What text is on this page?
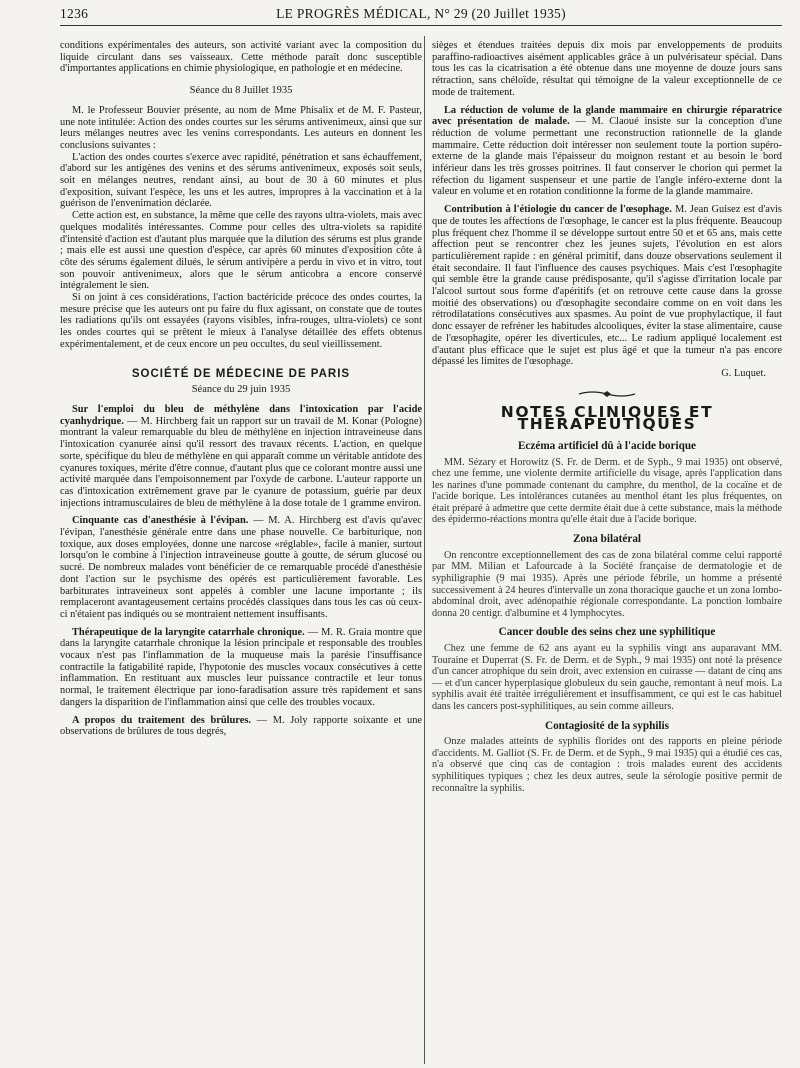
1236	LE PROGRÈS MÉDICAL, N° 29 (20 Juillet 1935)

conditions expérimentales des auteurs, son activité variant avec la composition du liquide circulant dans ses vaisseaux. Cette méthode paraît donc susceptible d'importantes applications en chimie physiologique, en pathologie et en médecine.

Séance du 8 Juillet 1935

M. le Professeur Bouvier présente, au nom de Mme Phisalix et de M. F. Pasteur, une note intitulée: Action des ondes courtes sur les sérums antivenimeux, ainsi que sur leurs mélanges neutres avec les venins correspondants. Les auteurs en donnent les conclusions suivantes :

L'action des ondes courtes s'exerce avec rapidité, pénétration et sans échauffement, d'abord sur les antigènes des venins et des sérums antivenimeux, exposés soit seuls, soit en mélanges neutres, rendant ainsi, au bout de 30 à 60 minutes et plus d'exposition, suivant l'espèce, les uns et les autres, impropres à la vaccination et à la guérison de l'envenimation déclarée.

Cette action est, en substance, la même que celle des rayons ultra-violets, mais avec quelques modalités intéressantes. Comme pour celles des ultra-violets sa rapidité d'intensité d'action est d'autant plus marquée que la dilution des sérums est plus grande ; mais elle est aussi une question d'espèce, car après 60 minutes d'exposition côte à côte des sérums également dilués, le sérum antivipère a perdu in vivo et in vitro, tout son pouvoir antivenimeux, alors que le sérum anticobra a encore conservé intégralement le sien.

Si on joint à ces considérations, l'action bactéricide précoce des ondes courtes, la mesure précise que les auteurs ont pu faire du flux agissant, on constate que de toutes les radiations qu'ils ont essayées (rayons visibles, infra-rouges, ultra-violets) ce sont les ondes courtes qui se prêtent le mieux à l'analyse détaillée des effets obtenus expérimentalement, et de ceux encore un peu occultes, du seul vieillissement.

SOCIÉTÉ DE MÉDECINE DE PARIS
Séance du 29 juin 1935

Sur l'emploi du bleu de méthylène dans l'intoxication par l'acide cyanhydrique. — M. Hirchberg fait un rapport sur un travail de M. Konar (Pologne) montrant la valeur remarquable du bleu de méthylène en injection intraveineuse dans l'intoxication cyanurée ainsi qu'il ressort des travaux récents. L'action, en quelque sorte, spécifique du bleu de méthylène en qui apparaît comme un véritable antidote des cyanures toxiques, mérite d'être connue, d'autant plus que ce colorant montre aussi une activité marquée dans l'empoisonnement par l'oxyde de carbone. L'auteur rapporte un cas d'intoxication extrêmement grave par le cyanure de potassium, guérie par deux injections intramusculaires de bleu de méthylène à la dose totale de 1 gramme environ.

Cinquante cas d'anesthésie à l'évipan. — M. A. Hirchberg est d'avis qu'avec l'évipan, l'anesthésie générale entre dans une phase nouvelle. Ce barbiturique, non toxique, aux doses employées, donne une narcose «réglable», facile à manier, surtout lorsqu'on le combine à l'injection intraveineuse goutte à goutte, de sérum glucosé ou sucré. De nombreux malades vont bénéficier de ce remarquable procédé d'anesthésie dont l'action sur le psychisme des opérés est particulièrement favorable. Les barbiturates intraveineux sont appelés à combler une lacune importante ; ils remplaceront avantageusement certains procédés classiques dans tous les cas où ceux-ci n'étaient pas indiqués ou se montraient nettement insuffisants.

Thérapeutique de la laryngite catarrhale chronique. — M. R. Graia montre que dans la laryngite catarrhale chronique la lésion principale et responsable des troubles vocaux n'est pas l'inflammation de la muqueuse mais la parésie l'insuffisance contractile la fatigabilité rapide, l'hypotonie des muscles vocaux consécutives à cette inflammation. En restituant aux muscles leur puissance contractile et leur tonus normal, le traitement électrique par iono-faradisation assure très rapidement et sans dangers la disparition de l'inflammation ainsi que celle des troubles vocaux.

A propos du traitement des brûlures. — M. Joly rapporte soixante et une observations de brûlures de tous degrés,

sièges et étendues traitées depuis dix mois par enveloppements de produits paraffino-radioactives aisément applicables grâce à un pulvérisateur spécial. Dans tous les cas la cicatrisation a été obtenue dans une moyenne de douze jours sans rétraction, sans chéloïde, résultat qui témoigne de la valeur exceptionnelle de ce mode de traitement.

La réduction de volume de la glande mammaire en chirurgie réparatrice avec présentation de malade. — M. Claoué insiste sur la conception d'une réduction de volume permettant une reconstruction rationnelle de la glande mammaire. Cette réduction doit intéresser non seulement toute la portion supéro-externe de la glande mais l'épaisseur du moignon restant et au besoin le bord inférieur dans les très grosses poitrines. Il faut conserver le chorion qui permet la réfection du ligament suspenseur et une partie de l'angle inféro-externe dont la valeur en volume et en rotation conditionne la forme de la glande mammaire.

Contribution à l'étiologie du cancer de l'œsophage. M. Jean Guisez est d'avis que de toutes les affections de l'œsophage, le cancer est la plus fréquente. Beaucoup plus fréquent chez l'homme il se développe surtout entre 50 et et 65 ans, mais cette affection peut se rencontrer chez les jeunes sujets, l'évolution en est alors particulièrement rapide : en général primitif, dans douze observations seulement il était secondaire. Il faut l'influence des causes psychiques. Mais c'est l'œsophagite qui semble être la grande cause prédisposante, qu'il s'agisse d'irritation locale par l'alcool surtout sous forme d'apéritifs (et on retrouve cette cause dans la grosse moitié des observations) ou d'œsophagite secondaire comme on en voit dans les rétrodilatations consécutives aux spasmes. Au point de vue prophylactique, il faut donc essayer de refréner les habitudes alcooliques, éviter la stase alimentaire, cause de l'œsophagite, opérer les diverticules, etc... Le radium appliqué localement est d'autant plus efficace que le sujet est plus âgé et que la tumeur n'a pas encore dépassé les limites de l'œsophage.

G. Luquet.
NOTES CLINIQUES ET THÉRAPEUTIQUES
Eczéma artificiel dû à l'acide borique

MM. Sézary et Horowitz (S. Fr. de Derm. et de Syph., 9 mai 1935) ont observé, chez une femme, une violente dermite artificielle du visage, après l'application dans les narines d'une pommade contenant du camphre, du menthol, de la cocaïne et de l'acide borique. Les intolérances cutanées au menthol étant les plus fréquentes, on était préparé à admettre que cette dermite était due à cette substance, mais la méthode des épidermo-réactions montra qu'elle était due à l'acide borique.

Zona bilatéral

On rencontre exceptionnellement des cas de zona bilatéral comme celui rapporté par MM. Milian et Lafourcade à la Société française de dermatologie et de syphiligraphie (9 mai 1935). Après une période fébrile, un homme a présenté successivement à 24 heures d'intervalle un zona thoracique gauche et un zona lombo-abdominal droit, avec adénopathie régionale correspondante. La ponction lombaire donna 20 centigr. d'albumine et 4 lymphocytes.

Cancer double des seins chez une syphilitique

Chez une femme de 62 ans ayant eu la syphilis vingt ans auparavant MM. Touraine et Duperrat (S. Fr. de Derm. et de Syph., 9 mai 1935) ont noté la présence d'un cancer atrophique du sein droit, avec extension en cuirasse — datant de cinq ans — et d'un cancer hyperplasique globuleux du sein gauche, remontant à neuf mois. La syphilis avait été traitée irrégulièrement et insuffisamment, ce qui est le cas habituel dans les cancers post-syphilitiques, au sein comme ailleurs.

Contagiosité de la syphilis

Onze malades atteints de syphilis florides ont des rapports en pleine période d'accidents. M. Galliot (S. Fr. de Derm. et de Syph., 9 mai 1935) qui a étudié ces cas, n'a observé que cinq cas de contagion : trois malades eurent des accidents syphilitiques typiques ; chez les deux autres, seule la sérologie positive permit de reconnaître la syphilis.
